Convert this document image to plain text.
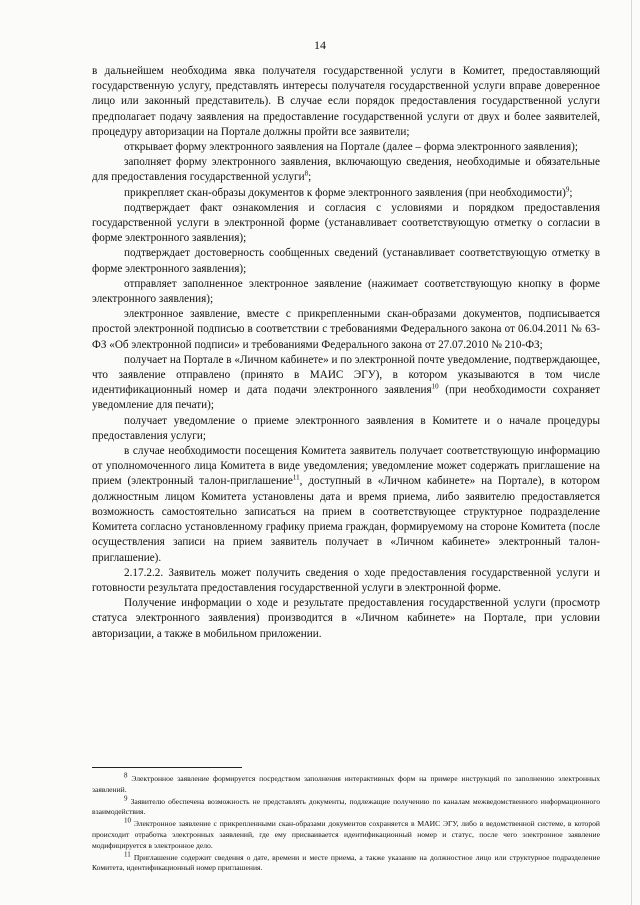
14

в дальнейшем необходима явка получателя государственной услуги в Комитет, предоставляющий государственную услугу, представлять интересы получателя государственной услуги вправе доверенное лицо или законный представитель). В случае если порядок предоставления государственной услуги предполагает подачу заявления на предоставление государственной услуги от двух и более заявителей, процедуру авторизации на Портале должны пройти все заявители;

открывает форму электронного заявления на Портале (далее – форма электронного заявления);

заполняет форму электронного заявления, включающую сведения, необходимые и обязательные для предоставления государственной услуги$^8$;

прикрепляет скан-образы документов к форме электронного заявления (при необходимости)$^9$;

подтверждает факт ознакомления и согласия с условиями и порядком предоставления государственной услуги в электронной форме (устанавливает соответствующую отметку о согласии в форме электронного заявления);

подтверждает достоверность сообщенных сведений (устанавливает соответствующую отметку в форме электронного заявления);

отправляет заполненное электронное заявление (нажимает соответствующую кнопку в форме электронного заявления);

электронное заявление, вместе с прикрепленными скан-образами документов, подписывается простой электронной подписью в соответствии с требованиями Федерального закона от 06.04.2011 № 63-ФЗ «Об электронной подписи» и требованиями Федерального закона от 27.07.2010 № 210-ФЗ;

получает на Портале в «Личном кабинете» и по электронной почте уведомление, подтверждающее, что заявление отправлено (принято в МАИС ЭГУ), в котором указываются в том числе идентификационный номер и дата подачи электронного заявления$^{10}$ (при необходимости сохраняет уведомление для печати);

получает уведомление о приеме электронного заявления в Комитете и о начале процедуры предоставления услуги;

в случае необходимости посещения Комитета заявитель получает соответствующую информацию от уполномоченного лица Комитета в виде уведомления; уведомление может содержать приглашение на прием (электронный талон-приглашение$^{11}$, доступный в «Личном кабинете» на Портале), в котором должностным лицом Комитета установлены дата и время приема, либо заявителю предоставляется возможность самостоятельно записаться на прием в соответствующее структурное подразделение Комитета согласно установленному графику приема граждан, формируемому на стороне Комитета (после осуществления записи на прием заявитель получает в «Личном кабинете» электронный талон-приглашение).

2.17.2.2. Заявитель может получить сведения о ходе предоставления государственной услуги и готовности результата предоставления государственной услуги в электронной форме.

Получение информации о ходе и результате предоставления государственной услуги (просмотр статуса электронного заявления) производится в «Личном кабинете» на Портале, при условии авторизации, а также в мобильном приложении.

$^8$ Электронное заявление формируется посредством заполнения интерактивных форм на примере инструкций по заполнению электронных заявлений.

$^9$ Заявителю обеспечена возможность не представлять документы, подлежащие получению по каналам межведомственного информационного взаимодействия.

$^{10}$ Электронное заявление с прикрепленными скан-образами документов сохраняется в МАИС ЭГУ, либо в ведомственной системе, в которой происходит отработка электронных заявлений, где ему присваивается идентификационный номер и статус, после чего электронное заявление модифицируется в электронное дело.

$^{11}$ Приглашение содержит сведения о дате, времени и месте приема, а также указание на должностное лицо или структурное подразделение Комитета, идентификационный номер приглашения.
